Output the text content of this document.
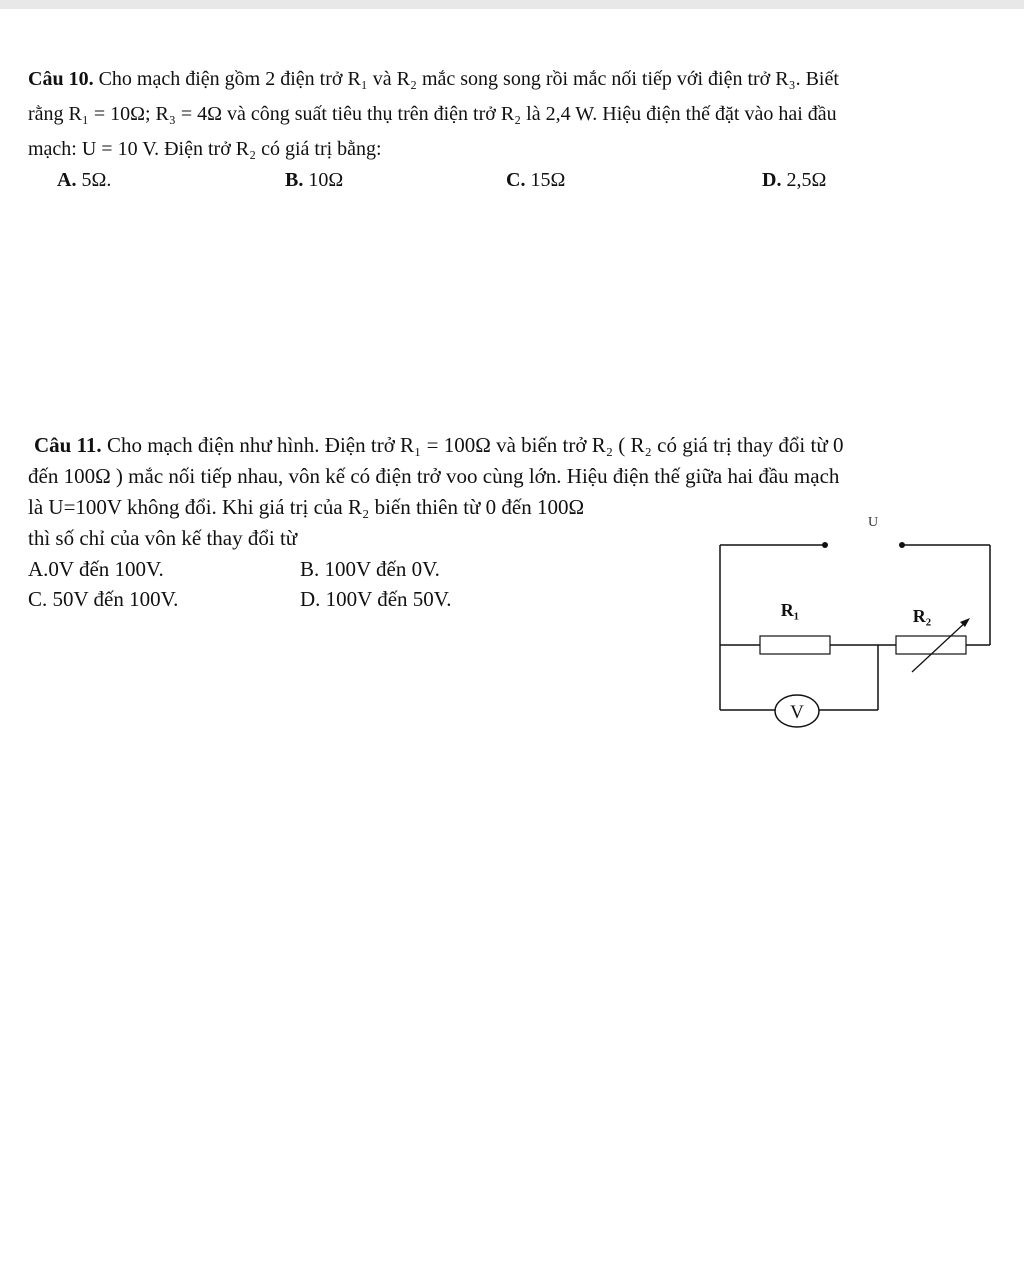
Câu 10. Cho mạch điện gồm 2 điện trở R₁ và R₂ mắc song song rồi mắc nối tiếp với điện trở R₃. Biết
rằng R₁ = 10Ω; R₃ = 4Ω và công suất tiêu thụ trên điện trở R₂ là 2,4 W. Hiệu điện thế đặt vào hai đầu
mạch: U = 10 V. Điện trở R₂ có giá trị bằng:
A. 5Ω.	B. 10Ω	C. 15Ω	D. 2,5Ω
Câu 11. Cho mạch điện như hình. Điện trở R₁ = 100Ω và biến trở R₂ ( R₂ có giá trị thay đổi từ 0
đến 100Ω ) mắc nối tiếp nhau, vôn kế có điện trở voo cùng lớn. Hiệu điện thế giữa hai đầu mạch
là U=100V không đổi. Khi giá trị của R₂ biến thiên từ 0 đến 100Ω
thì số chỉ của vôn kế thay đổi từ
A.0V đến 100V.	B. 100V đến 0V.
C. 50V đến 100V.	D. 100V đến 50V.
U
R₁	R₂
V
